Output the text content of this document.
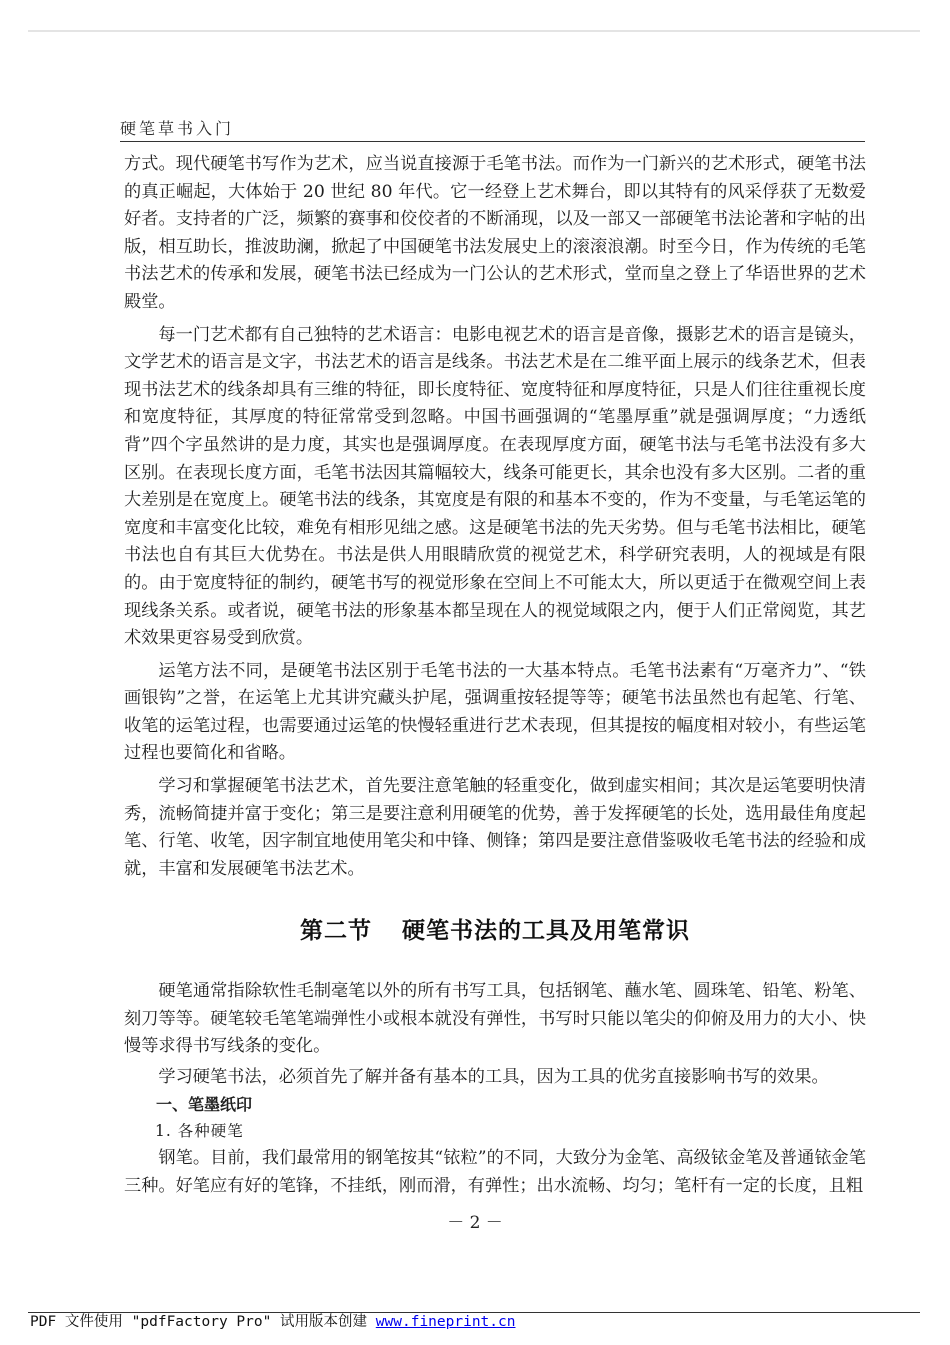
硬笔草书入门

方式。现代硬笔书写作为艺术，应当说直接源于毛笔书法。而作为一门新兴的艺术形式，硬笔书法的真正崛起，大体始于 20 世纪 80 年代。它一经登上艺术舞台，即以其特有的风采俘获了无数爱好者。支持者的广泛，频繁的赛事和佼佼者的不断涌现，以及一部又一部硬笔书法论著和字帖的出版，相互助长，推波助澜，掀起了中国硬笔书法发展史上的滚滚浪潮。时至今日，作为传统的毛笔书法艺术的传承和发展，硬笔书法已经成为一门公认的艺术形式，堂而皇之登上了华语世界的艺术殿堂。

每一门艺术都有自己独特的艺术语言：电影电视艺术的语言是音像，摄影艺术的语言是镜头，文学艺术的语言是文字，书法艺术的语言是线条。书法艺术是在二维平面上展示的线条艺术，但表现书法艺术的线条却具有三维的特征，即长度特征、宽度特征和厚度特征，只是人们往往重视长度和宽度特征，其厚度的特征常常受到忽略。中国书画强调的“笔墨厚重”就是强调厚度；“力透纸背”四个字虽然讲的是力度，其实也是强调厚度。在表现厚度方面，硬笔书法与毛笔书法没有多大区别。在表现长度方面，毛笔书法因其篇幅较大，线条可能更长，其余也没有多大区别。二者的重大差别是在宽度上。硬笔书法的线条，其宽度是有限的和基本不变的，作为不变量，与毛笔运笔的宽度和丰富变化比较，难免有相形见绌之感。这是硬笔书法的先天劣势。但与毛笔书法相比，硬笔书法也自有其巨大优势在。书法是供人用眼睛欣赏的视觉艺术，科学研究表明，人的视域是有限的。由于宽度特征的制约，硬笔书写的视觉形象在空间上不可能太大，所以更适于在微观空间上表现线条关系。或者说，硬笔书法的形象基本都呈现在人的视觉域限之内，便于人们正常阅览，其艺术效果更容易受到欣赏。

运笔方法不同，是硬笔书法区别于毛笔书法的一大基本特点。毛笔书法素有“万毫齐力”、“铁画银钩”之誉，在运笔上尤其讲究藏头护尾，强调重按轻提等等；硬笔书法虽然也有起笔、行笔、收笔的运笔过程，也需要通过运笔的快慢轻重进行艺术表现，但其提按的幅度相对较小，有些运笔过程也要简化和省略。

学习和掌握硬笔书法艺术，首先要注意笔触的轻重变化，做到虚实相间；其次是运笔要明快清秀，流畅简捷并富于变化；第三是要注意利用硬笔的优势，善于发挥硬笔的长处，选用最佳角度起笔、行笔、收笔，因字制宜地使用笔尖和中锋、侧锋；第四是要注意借鉴吸收毛笔书法的经验和成就，丰富和发展硬笔书法艺术。

第二节 硬笔书法的工具及用笔常识

硬笔通常指除软性毛制毫笔以外的所有书写工具，包括钢笔、蘸水笔、圆珠笔、铅笔、粉笔、刻刀等等。硬笔较毛笔笔端弹性小或根本就没有弹性，书写时只能以笔尖的仰俯及用力的大小、快慢等求得书写线条的变化。

学习硬笔书法，必须首先了解并备有基本的工具，因为工具的优劣直接影响书写的效果。

一、笔墨纸印

1. 各种硬笔

钢笔。目前，我们最常用的钢笔按其“铱粒”的不同，大致分为金笔、高级铱金笔及普通铱金笔三种。好笔应有好的笔锋，不挂纸，刚而滑，有弹性；出水流畅、均匀；笔杆有一定的长度，且粗

－ 2 －
PDF 文件使用 "pdfFactory Pro" 试用版本创建 www.fineprint.cn
